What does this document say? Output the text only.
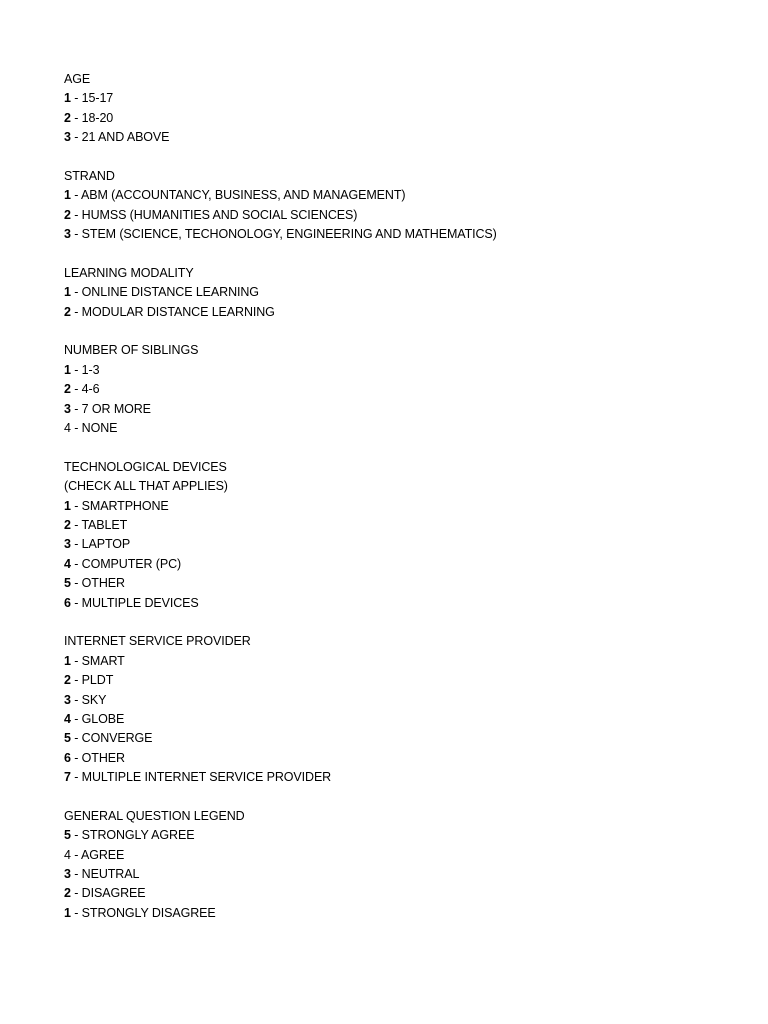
AGE
1 - 15-17
2 - 18-20
3 - 21 AND ABOVE
STRAND
1 - ABM (ACCOUNTANCY, BUSINESS, AND MANAGEMENT)
2 - HUMSS (HUMANITIES AND SOCIAL SCIENCES)
3 - STEM (SCIENCE, TECHONOLOGY, ENGINEERING AND MATHEMATICS)
LEARNING MODALITY
1 - ONLINE DISTANCE LEARNING
2 - MODULAR DISTANCE LEARNING
NUMBER OF SIBLINGS
1 - 1-3
2 - 4-6
3 - 7 OR MORE
4 - NONE
TECHNOLOGICAL DEVICES
(CHECK ALL THAT APPLIES)
1 - SMARTPHONE
2 - TABLET
3 - LAPTOP
4 - COMPUTER (PC)
5 - OTHER
6 - MULTIPLE DEVICES
INTERNET SERVICE PROVIDER
1 - SMART
2 - PLDT
3 - SKY
4 - GLOBE
5 - CONVERGE
6 - OTHER
7 - MULTIPLE INTERNET SERVICE PROVIDER
GENERAL QUESTION LEGEND
5 - STRONGLY AGREE
4 - AGREE
3 - NEUTRAL
2 - DISAGREE
1 - STRONGLY DISAGREE
